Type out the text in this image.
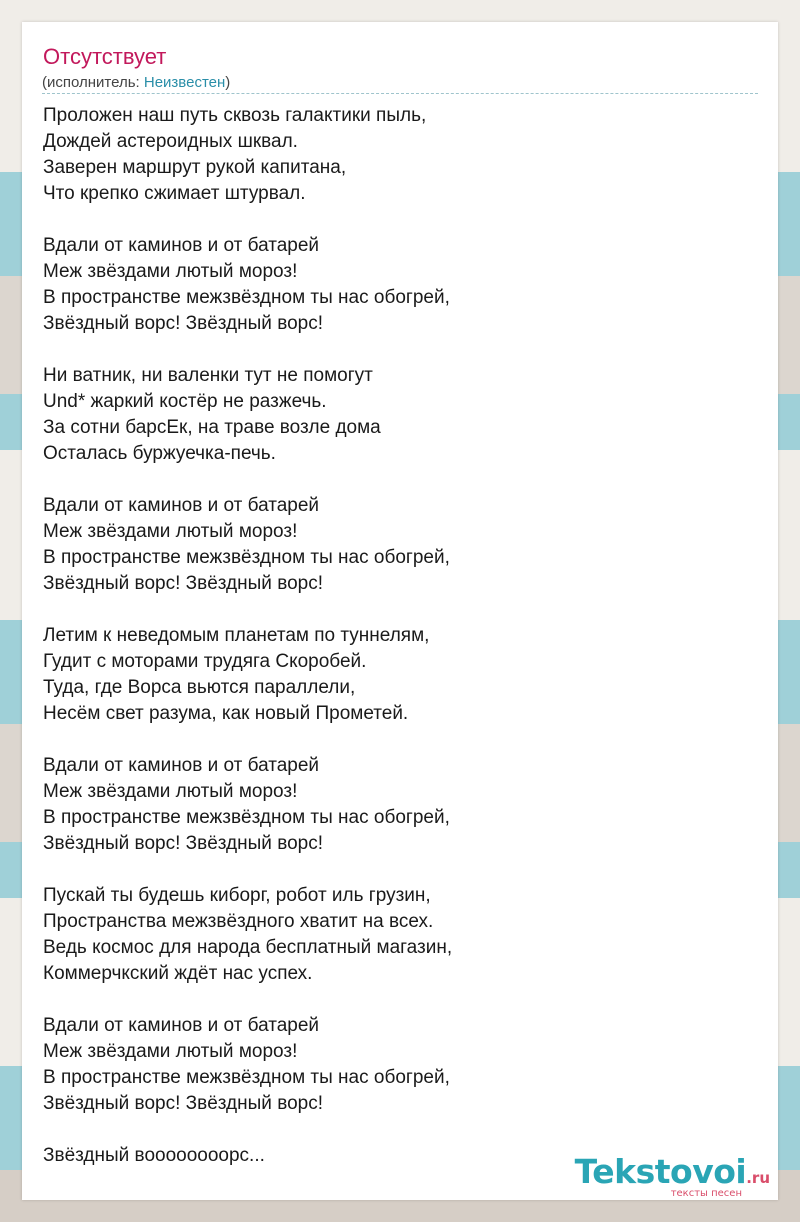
Отсутствует
(исполнитель: Неизвестен)
Проложен наш путь сквозь галактики пыль,
Дождей астероидных шквал.
Заверен маршрут рукой капитана,
Что крепко сжимает штурвал.
Вдали от каминов и от батарей
Меж звёздами лютый мороз!
В пространстве межзвёздном ты нас обогрей,
Звёздный ворс! Звёздный ворс!
Ни ватник, ни валенки тут не помогут
Und* жаркий костёр не разжечь.
За сотни барсЕк, на траве возле дома
Осталась буржуечка-печь.
Вдали от каминов и от батарей
Меж звёздами лютый мороз!
В пространстве межзвёздном ты нас обогрей,
Звёздный ворс! Звёздный ворс!
Летим к неведомым планетам по туннелям,
Гудит с моторами трудяга Скоробей.
Туда, где Ворса вьются параллели,
Несём свет разума, как новый Прометей.
Вдали от каминов и от батарей
Меж звёздами лютый мороз!
В пространстве межзвёздном ты нас обогрей,
Звёздный ворс! Звёздный ворс!
Пускай ты будешь киборг, робот иль грузин,
Пространства межзвёздного хватит на всех.
Ведь космос для народа бесплатный магазин,
Коммерчкский ждёт нас успех.
Вдали от каминов и от батарей
Меж звёздами лютый мороз!
В пространстве межзвёздном ты нас обогрей,
Звёздный ворс! Звёздный ворс!
Звёздный воооооооорс...	Tekstovoi.ru
тексты песен
